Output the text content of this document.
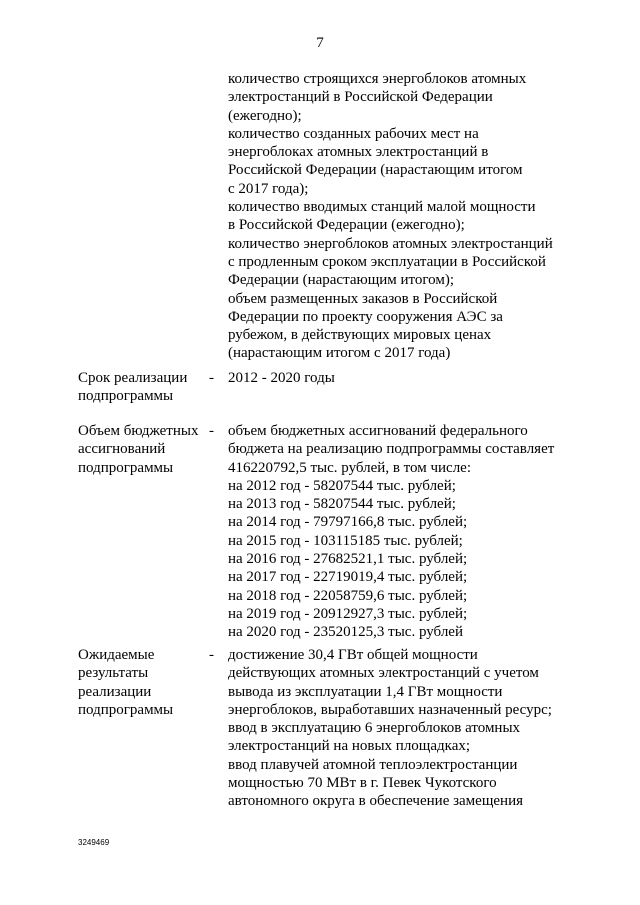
7
количество строящихся энергоблоков атомных
электростанций в Российской Федерации
(ежегодно);
количество созданных рабочих мест на
энергоблоках атомных электростанций в
Российской Федерации (нарастающим итогом
с 2017 года);
количество вводимых станций малой мощности
в Российской Федерации (ежегодно);
количество энергоблоков атомных электростанций
с продленным сроком эксплуатации в Российской
Федерации (нарастающим итогом);
объем размещенных заказов в Российской
Федерации по проекту сооружения АЭС за
рубежом, в действующих мировых ценах
(нарастающим итогом с 2017 года)
Срок реализации
подпрограммы
- 2012 - 2020 годы
Объем бюджетных
ассигнований
подпрограммы
- объем бюджетных ассигнований федерального
бюджета на реализацию подпрограммы составляет
416220792,5 тыс. рублей, в том числе:
на 2012 год - 58207544 тыс. рублей;
на 2013 год - 58207544 тыс. рублей;
на 2014 год - 79797166,8 тыс. рублей;
на 2015 год - 103115185 тыс. рублей;
на 2016 год - 27682521,1 тыс. рублей;
на 2017 год - 22719019,4 тыс. рублей;
на 2018 год - 22058759,6 тыс. рублей;
на 2019 год - 20912927,3 тыс. рублей;
на 2020 год - 23520125,3 тыс. рублей
Ожидаемые
результаты
реализации
подпрограммы
- достижение 30,4 ГВт общей мощности
действующих атомных электростанций с учетом
вывода из эксплуатации 1,4 ГВт мощности
энергоблоков, выработавших назначенный ресурс;
ввод в эксплуатацию 6 энергоблоков атомных
электростанций на новых площадках;
ввод плавучей атомной теплоэлектростанции
мощностью 70 МВт в г. Певек Чукотского
автономного округа в обеспечение замещения
3249469
